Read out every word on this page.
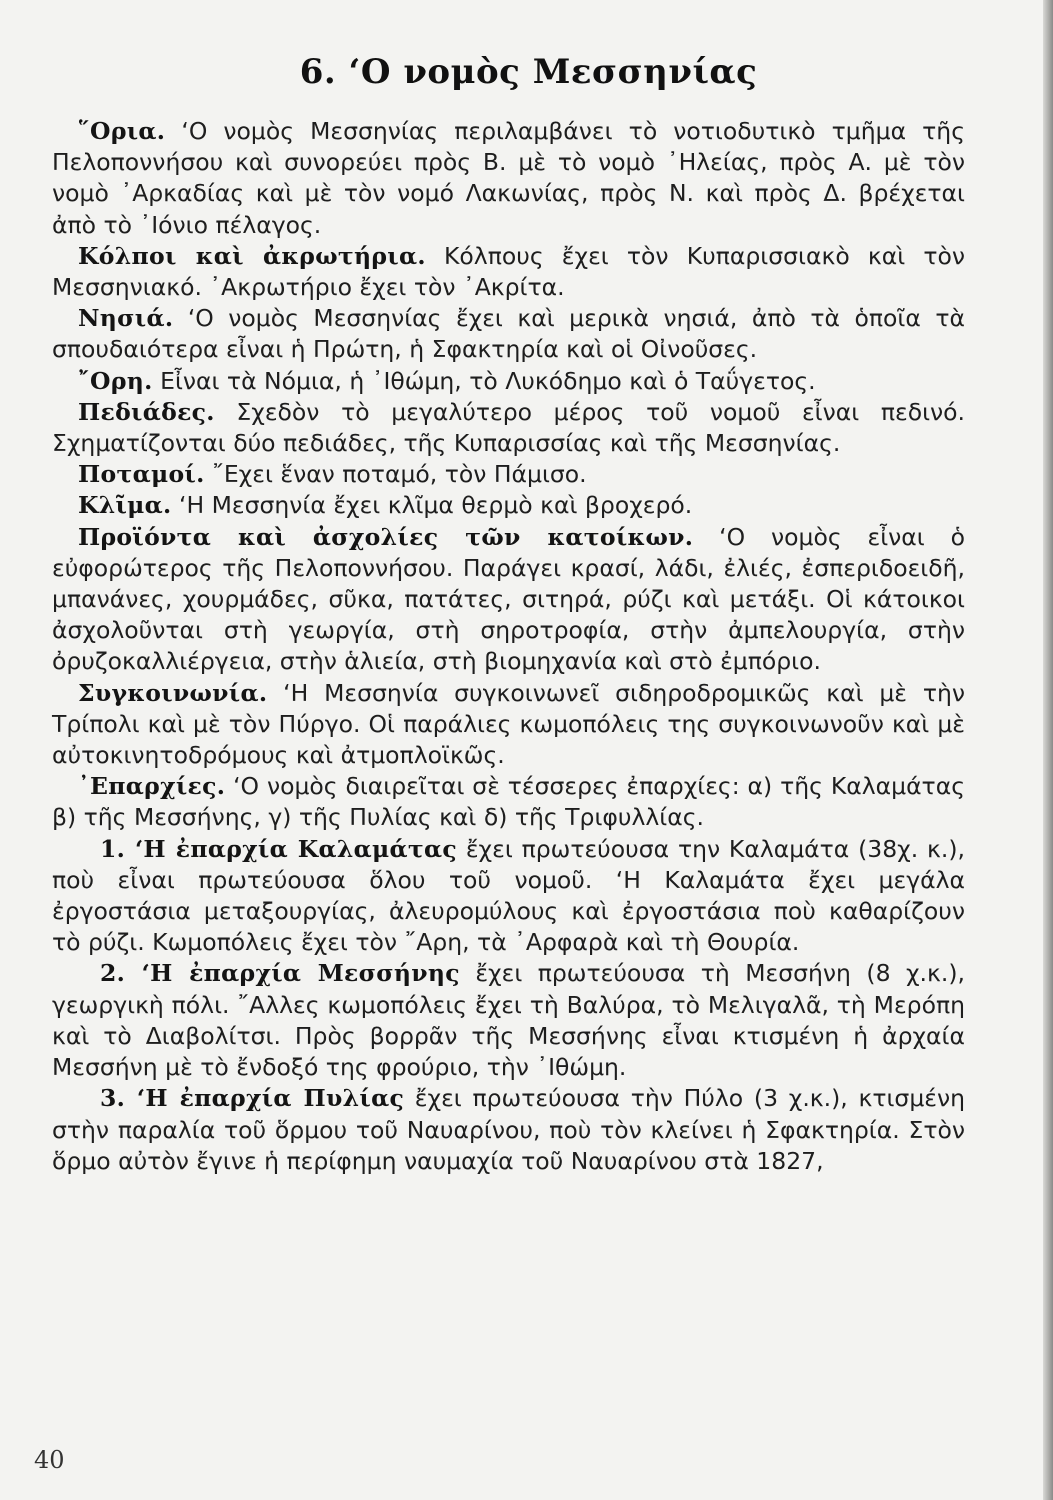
6. ‘Ο νομὸς Μεσσηνίας

῞Ορια. ‘Ο νομὸς Μεσσηνίας περιλαμβάνει τὸ νοτιοδυτικὸ τμῆμα τῆς Πελοποννήσου καὶ συνορεύει πρὸς Β. μὲ τὸ νομὸ ᾿Ηλείας, πρὸς Α. μὲ τὸν νομὸ ᾿Αρκαδίας καὶ μὲ τὸν νομό Λακωνίας, πρὸς Ν. καὶ πρὸς Δ. βρέχεται ἀπὸ τὸ ᾿Ιόνιο πέλαγος.

Κόλποι καὶ ἀκρωτήρια. Κόλπους ἔχει τὸν Κυπαρισσιακὸ καὶ τὸν Μεσσηνιακό. ᾿Ακρωτήριο ἔχει τὸν ᾿Ακρίτα.

Νησιά. ‘Ο νομὸς Μεσσηνίας ἔχει καὶ μερικὰ νησιά, ἀπὸ τὰ ὁποῖα τὰ σπουδαιότερα εἶναι ἡ Πρώτη, ἡ Σφακτηρία καὶ οἱ Οἰνοῦσες.

῎Ορη. Εἶναι τὰ Νόμια, ἡ ᾿Ιθώμη, τὸ Λυκόδημο καὶ ὁ Ταΰγετος.

Πεδιάδες. Σχεδὸν τὸ μεγαλύτερο μέρος τοῦ νομοῦ εἶναι πεδινό. Σχηματίζονται δύο πεδιάδες, τῆς Κυπαρισσίας καὶ τῆς Μεσσηνίας.

Ποταμοί. ῎Εχει ἕναν ποταμό, τὸν Πάμισο.

Κλῖμα. ‘Η Μεσσηνία ἔχει κλῖμα θερμὸ καὶ βροχερό.

Προϊόντα καὶ ἀσχολίες τῶν κατοίκων. ‘Ο νομὸς εἶναι ὁ εὐφορώτερος τῆς Πελοποννήσου. Παράγει κρασί, λάδι, ἐλιές, ἐσπεριδοειδῆ, μπανάνες, χουρμάδες, σῦκα, πατάτες, σιτηρά, ρύζι καὶ μετάξι. Οἱ κάτοικοι ἀσχολοῦνται στὴ γεωργία, στὴ σηροτροφία, στὴν ἀμπελουργία, στὴν ὀρυζοκαλλιέργεια, στὴν ἁλιεία, στὴ βιομηχανία καὶ στὸ ἐμπόριο.

Συγκοινωνία. ‘Η Μεσσηνία συγκοινωνεῖ σιδηροδρομικῶς καὶ μὲ τὴν Τρίπολι καὶ μὲ τὸν Πύργο. Οἱ παράλιες κωμοπόλεις της συγκοινωνοῦν καὶ μὲ αὐτοκινητοδρόμους καὶ ἀτμοπλοϊκῶς.

᾿Επαρχίες. ‘Ο νομὸς διαιρεῖται σὲ τέσσερες ἐπαρχίες: α) τῆς Καλαμάτας β) τῆς Μεσσήνης, γ) τῆς Πυλίας καὶ δ) τῆς Τριφυλλίας.

1. ‘Η ἐπαρχία Καλαμάτας ἔχει πρωτεύουσα την Καλαμάτα (38χ. κ.), ποὺ εἶναι πρωτεύουσα ὅλου τοῦ νομοῦ. ‘Η Καλαμάτα ἔχει μεγάλα ἐργοστάσια μεταξουργίας, ἀλευρομύλους καὶ ἐργοστάσια ποὺ καθαρίζουν τὸ ρύζι. Κωμοπόλεις ἔχει τὸν ῎Αρη, τὰ ᾿Αρφαρὰ καὶ τὴ Θουρία.

2. ‘Η ἐπαρχία Μεσσήνης ἔχει πρωτεύουσα τὴ Μεσσήνη (8 χ.κ.), γεωργικὴ πόλι. ῎Αλλες κωμοπόλεις ἔχει τὴ Βαλύρα, τὸ Μελιγαλᾶ, τὴ Μερόπη καὶ τὸ Διαβολίτσι. Πρὸς βορρᾶν τῆς Μεσσήνης εἶναι κτισμένη ἡ ἀρχαία Μεσσήνη μὲ τὸ ἔνδοξό της φρούριο, τὴν ᾿Ιθώμη.

3. ‘Η ἐπαρχία Πυλίας ἔχει πρωτεύουσα τὴν Πύλο (3 χ.κ.), κτισμένη στὴν παραλία τοῦ ὅρμου τοῦ Ναυαρίνου, ποὺ τὸν κλείνει ἡ Σφακτηρία. Στὸν ὅρμο αὐτὸν ἔγινε ἡ περίφημη ναυμαχία τοῦ Ναυαρίνου στὰ 1827,

40
